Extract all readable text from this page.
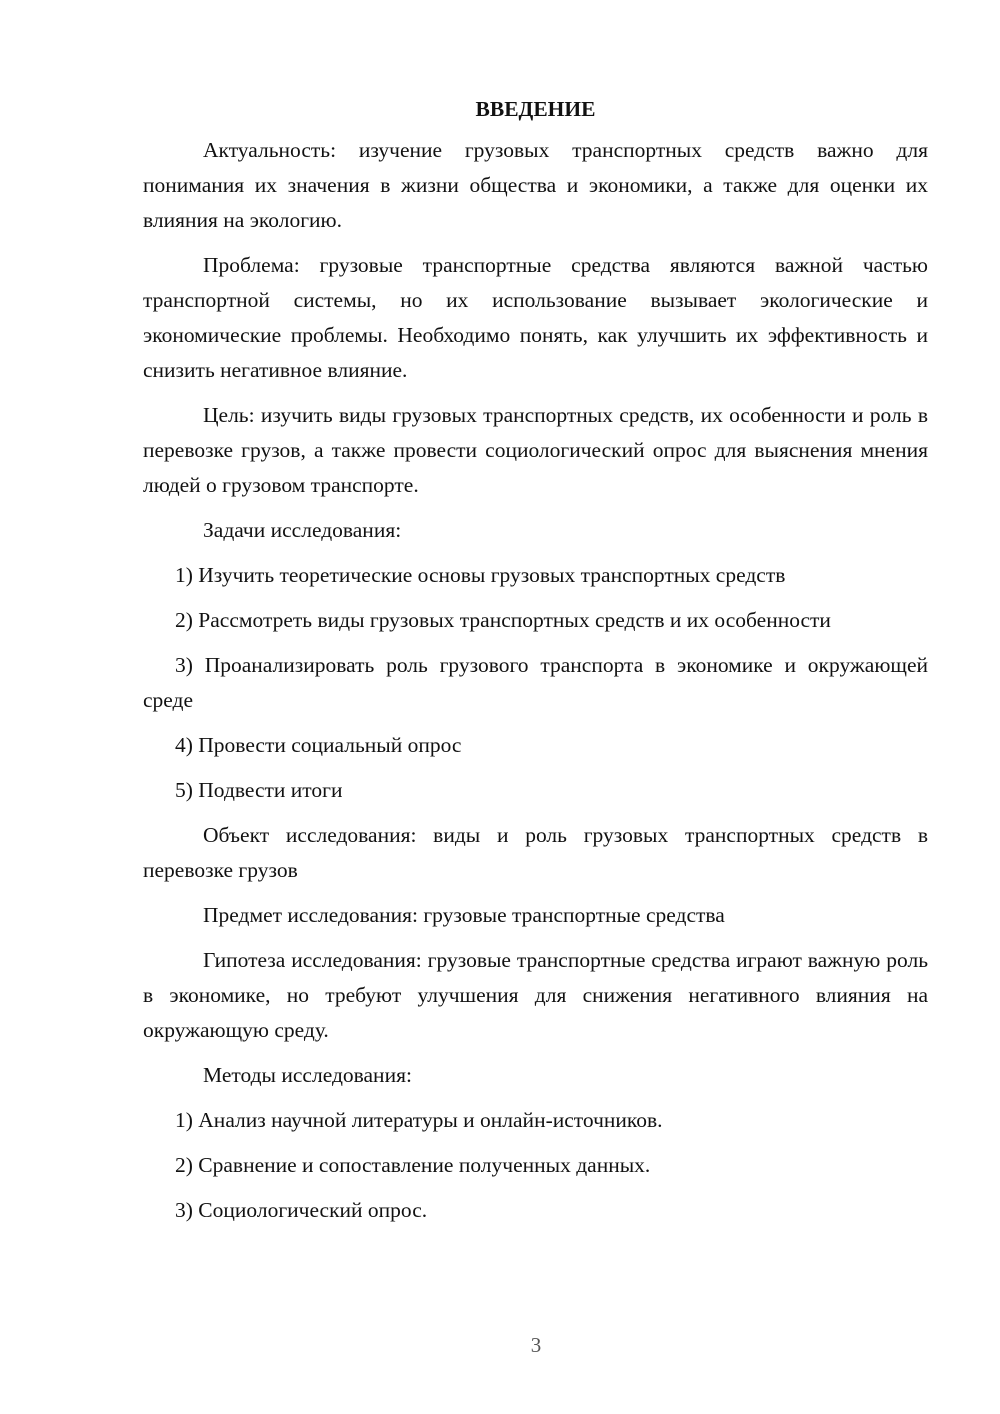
ВВЕДЕНИЕ

Актуальность: изучение грузовых транспортных средств важно для понимания их значения в жизни общества и экономики, а также для оценки их влияния на экологию.

Проблема: грузовые транспортные средства являются важной частью транспортной системы, но их использование вызывает экологические и экономические проблемы. Необходимо понять, как улучшить их эффективность и снизить негативное влияние.

Цель: изучить виды грузовых транспортных средств, их особенности и роль в перевозке грузов, а также провести социологический опрос для выяснения мнения людей о грузовом транспорте.

Задачи исследования:

1) Изучить теоретические основы грузовых транспортных средств

2) Рассмотреть виды грузовых транспортных средств и их особенности

3) Проанализировать роль грузового транспорта в экономике и окружающей среде

4) Провести социальный опрос

5) Подвести итоги

Объект исследования: виды и роль грузовых транспортных средств в перевозке грузов

Предмет исследования: грузовые транспортные средства

Гипотеза исследования: грузовые транспортные средства играют важную роль в экономике, но требуют улучшения для снижения негативного влияния на окружающую среду.

Методы исследования:

1) Анализ научной литературы и онлайн-источников.

2) Сравнение и сопоставление полученных данных.

3) Социологический опрос.

3
